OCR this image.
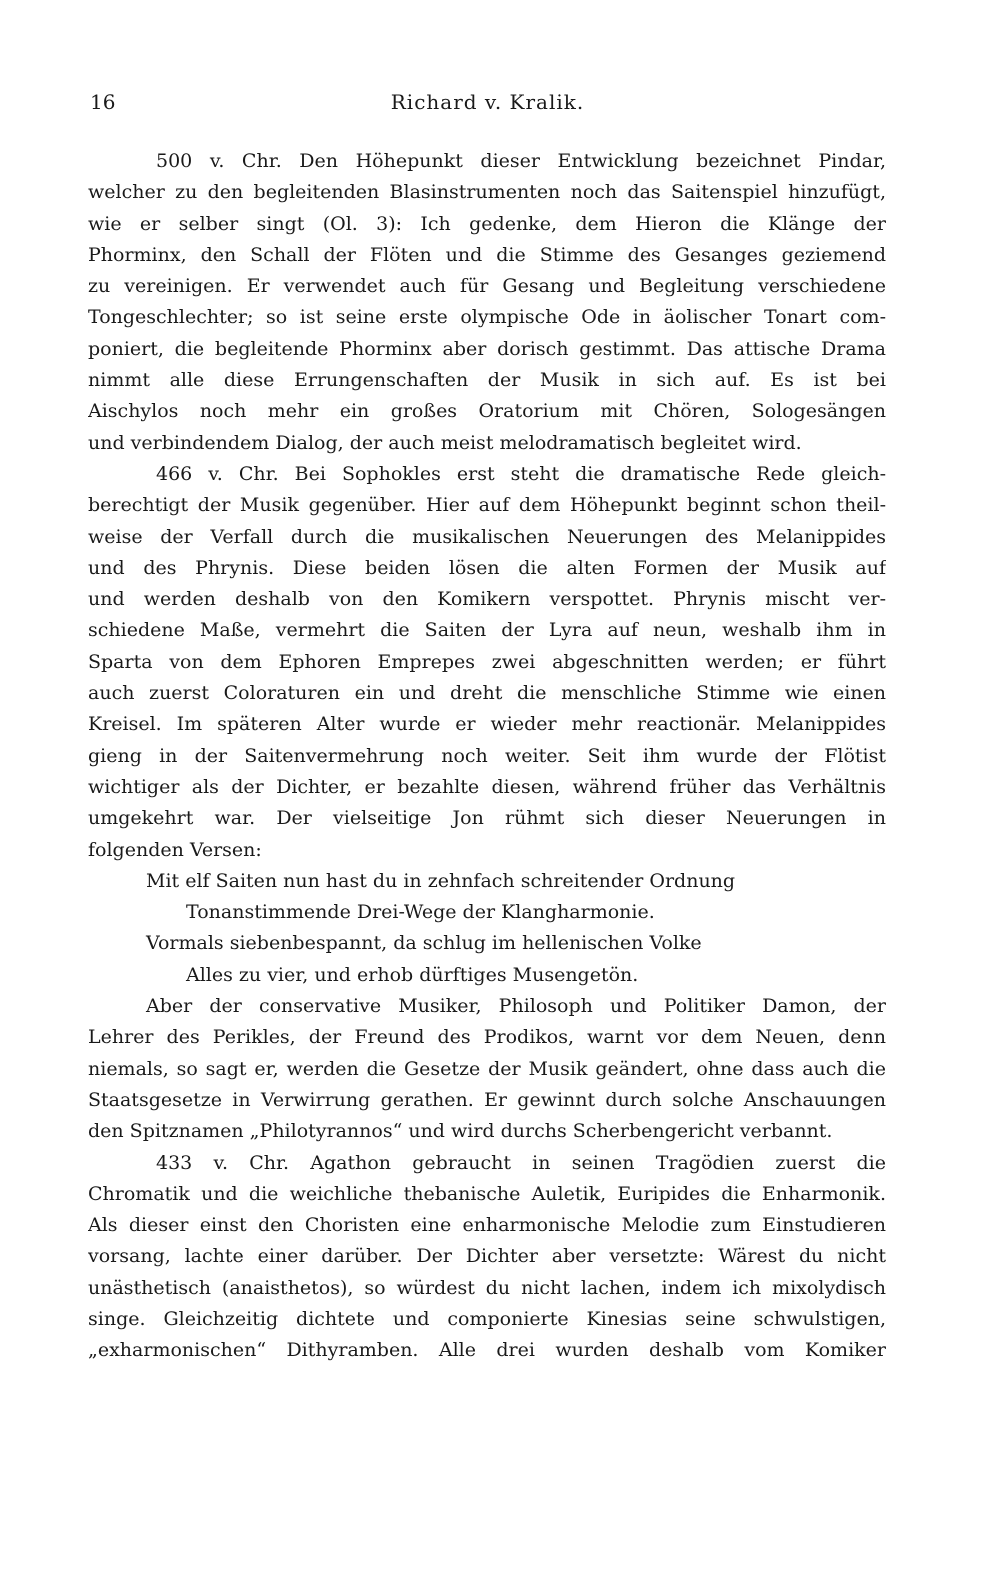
16	Richard v. Kralik.
500 v. Chr. Den Höhepunkt dieser Entwicklung bezeichnet Pindar,
welcher zu den begleitenden Blasinstrumenten noch das Saitenspiel hinzufügt,
wie er selber singt (Ol. 3): Ich gedenke, dem Hieron die Klänge der
Phorminx, den Schall der Flöten und die Stimme des Gesanges geziemend
zu vereinigen. Er verwendet auch für Gesang und Begleitung verschiedene
Tongeschlechter; so ist seine erste olympische Ode in äolischer Tonart com-
poniert, die begleitende Phorminx aber dorisch gestimmt. Das attische Drama
nimmt alle diese Errungenschaften der Musik in sich auf. Es ist bei
Aischylos noch mehr ein großes Oratorium mit Chören, Sologesängen
und verbindendem Dialog, der auch meist melodramatisch begleitet wird.
466 v. Chr. Bei Sophokles erst steht die dramatische Rede gleich-
berechtigt der Musik gegenüber. Hier auf dem Höhepunkt beginnt schon theil-
weise der Verfall durch die musikalischen Neuerungen des Melanippides
und des Phrynis. Diese beiden lösen die alten Formen der Musik auf
und werden deshalb von den Komikern verspottet. Phrynis mischt ver-
schiedene Maße, vermehrt die Saiten der Lyra auf neun, weshalb ihm in
Sparta von dem Ephoren Emprepes zwei abgeschnitten werden; er führt
auch zuerst Coloraturen ein und dreht die menschliche Stimme wie einen
Kreisel. Im späteren Alter wurde er wieder mehr reactionär. Melanippides
gieng in der Saitenvermehrung noch weiter. Seit ihm wurde der Flötist
wichtiger als der Dichter, er bezahlte diesen, während früher das Verhältnis
umgekehrt war. Der vielseitige Jon rühmt sich dieser Neuerungen in
folgenden Versen:
Mit elf Saiten nun hast du in zehnfach schreitender Ordnung
Tonanstimmende Drei-Wege der Klangharmonie.
Vormals siebenbespannt, da schlug im hellenischen Volke
Alles zu vier, und erhob dürftiges Musengetön.
Aber der conservative Musiker, Philosoph und Politiker Damon, der
Lehrer des Perikles, der Freund des Prodikos, warnt vor dem Neuen, denn
niemals, so sagt er, werden die Gesetze der Musik geändert, ohne dass auch die
Staatsgesetze in Verwirrung gerathen. Er gewinnt durch solche Anschauungen
den Spitznamen „Philotyrannos“ und wird durchs Scherbengericht verbannt.
433 v. Chr. Agathon gebraucht in seinen Tragödien zuerst die
Chromatik und die weichliche thebanische Auletik, Euripides die Enharmonik.
Als dieser einst den Choristen eine enharmonische Melodie zum Einstudieren
vorsang, lachte einer darüber. Der Dichter aber versetzte: Wärest du nicht
unästhetisch (anaisthetos), so würdest du nicht lachen, indem ich mixolydisch
singe. Gleichzeitig dichtete und componierte Kinesias seine schwulstigen,
„exharmonischen“ Dithyramben. Alle drei wurden deshalb vom Komiker
